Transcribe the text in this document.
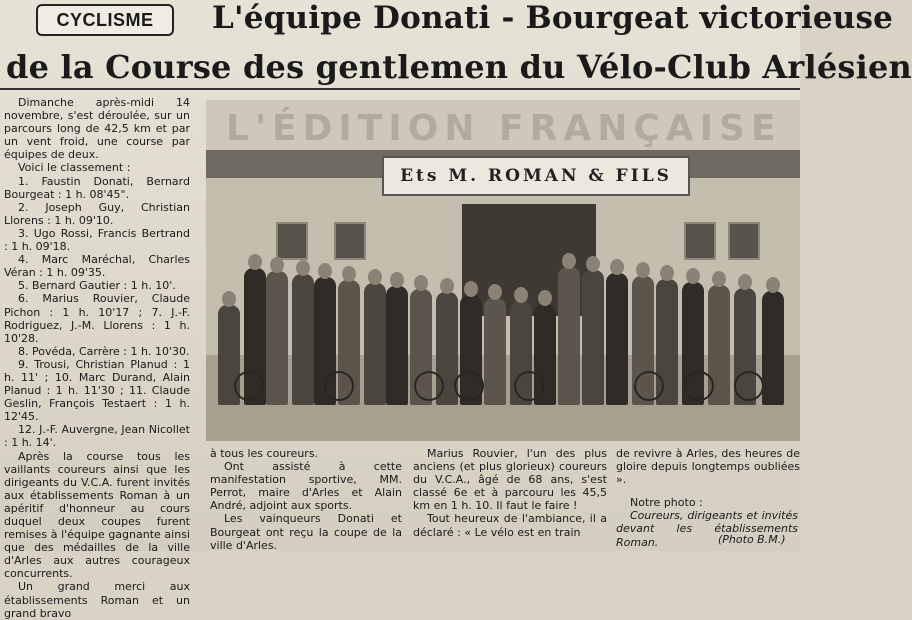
CYCLISME	L'équipe Donati - Bourgeat victorieuse
de la Course des gentlemen du Vélo-Club Arlésien

Dimanche après-midi 14 novembre, s'est déroulée, sur un parcours long de 42,5 km et par un vent froid, une course par équipes de deux.

Voici le classement :

1. Faustin Donati, Bernard Bourgeat : 1 h. 08'45".

2. Joseph Guy, Christian Llorens : 1 h. 09'10.

3. Ugo Rossi, Francis Bertrand : 1 h. 09'18.

4. Marc Maréchal, Charles Véran : 1 h. 09'35.

5. Bernard Gautier : 1 h. 10'.

6. Marius Rouvier, Claude Pichon : 1 h. 10'17 ; 7. J.-F. Rodriguez, J.-M. Llorens : 1 h. 10'28.

8. Povéda, Carrère : 1 h. 10'30.

9. Trousi, Christian Planud : 1 h. 11' ; 10. Marc Durand, Alain Planud : 1 h. 11'30 ; 11. Claude Geslin, François Testaert : 1 h. 12'45.

12. J.-F. Auvergne, Jean Nicollet : 1 h. 14'.

Après la course tous les vaillants coureurs ainsi que les dirigeants du V.C.A. furent invités aux établissements Roman à un apéritif d'honneur au cours duquel deux coupes furent remises à l'équipe gagnante ainsi que des médailles de la ville d'Arles aux autres courageux concurrents.

Un grand merci aux établissements Roman et un grand bravo

L'ÉDITION FRANÇAISE
Ets M. ROMAN & FILS

à tous les coureurs.

Ont assisté à cette manifestation sportive, MM. Perrot, maire d'Arles et Alain André, adjoint aux sports.

Les vainqueurs Donati et Bourgeat ont reçu la coupe de la ville d'Arles.

Marius Rouvier, l'un des plus anciens (et plus glorieux) coureurs du V.C.A., âgé de 68 ans, s'est classé 6e et à parcouru les 45,5 km en 1 h. 10. Il faut le faire !

Tout heureux de l'ambiance, il a déclaré : « Le vélo est en train

de revivre à Arles, des heures de gloire depuis longtemps oubliées ».

Notre photo :

Coureurs, dirigeants et invités devant les établissements Roman.	(Photo B.M.)
